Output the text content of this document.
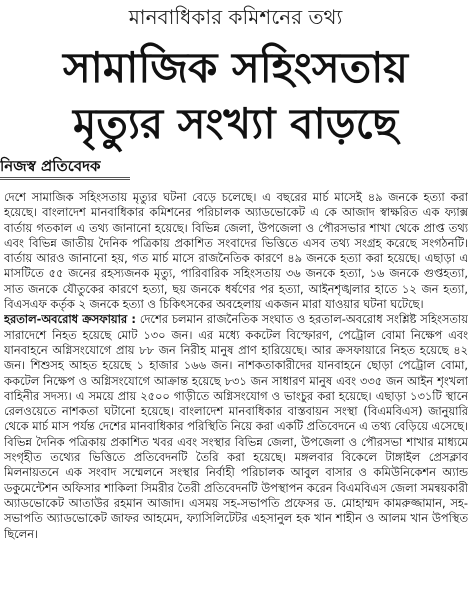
মানবাধিকার কমিশনের তথ্য
সামাজিক সহিংসতায়
মৃত্যুর সংখ্যা বাড়ছে
নিজস্ব প্রতিবেদক

দেশে সামাজিক সহিংসতায় মৃত্যুর ঘটনা বেড়ে চলেছে। এ বছরের মার্চ মাসেই ৪৯ জনকে হত্যা করা হয়েছে। বাংলাদেশ মানবাধিকার কমিশনের পরিচালক অ্যাডভোকেট এ কে আজাদ স্বাক্ষরিত এক ফ্যাক্স বার্তায় গতকাল এ তথ্য জানানো হয়েছে। বিভিন্ন জেলা, উপজেলা ও পৌরসভার শাখা থেকে প্রাপ্ত তথ্য এবং বিভিন্ন জাতীয় দৈনিক পত্রিকায় প্রকাশিত সংবাদের ভিত্তিতে এসব তথ্য সংগ্রহ করেছে সংগঠনটি। বার্তায় আরও জানানো হয়, গত মার্চ মাসে রাজনৈতিক কারণে ৪৯ জনকে হত্যা করা হয়েছে। এছাড়া এ মাসটিতে ৫৫ জনের রহস্যজনক মৃত্যু, পারিবারিক সহিংসতায় ৩৬ জনকে হত্যা, ১৬ জনকে গুপ্তহত্যা, সাত জনকে যৌতুকের কারণে হত্যা, ছয় জনকে ধর্ষণের পর হত্যা, আইনশৃঙ্খলার হাতে ১২ জন হত্যা, বিএসএফ কর্তৃক ২ জনকে হত্যা ও চিকিৎসকের অবহেলায় একজন মারা যাওয়ার ঘটনা ঘটেছে।

হরতাল-অবরোধ ক্রসফায়ার : দেশের চলমান রাজনৈতিক সংঘাত ও হরতাল-অবরোধ সংশ্লিষ্ট সহিংসতায় সারাদেশে নিহত হয়েছে মোট ১৩০ জন। এর মধ্যে ককটেল বিস্ফোরণ, পেট্রোল বোমা নিক্ষেপ এবং যানবাহনে অগ্নিসংযোগে প্রায় ৮৮ জন নিরীহ মানুষ প্রাণ হারিয়েছে। আর ক্রসফায়ারে নিহত হয়েছে ৪২ জন। শিশুসহ আহত হয়েছে ১ হাজার ১৬৬ জন। নাশকতাকারীদের যানবাহনে ছোড়া পেট্রোল বোমা, ককটেল নিক্ষেপ ও অগ্নিসংযোগে আক্রান্ত হয়েছে ৮৩১ জন সাধারণ মানুষ এবং ৩৩৫ জন আইন শৃংখলা বাহিনীর সদস্য। এ সময়ে প্রায় ২৫০০ গাড়ীতে অগ্নিসংযোগ ও ভাংচুর করা হয়েছে। এছাড়া ১৩১টি স্থানে রেলওয়েতে নাশকতা ঘটানো হয়েছে। বাংলাদেশ মানবাধিকার বাস্তবায়ন সংস্থা (বিএমবিএস) জানুয়ারি থেকে মার্চ মাস পর্যন্ত দেশের মানবাধিকার পরিস্থিতি নিয়ে করা একটি প্রতিবেদনে এ তথ্য বেড়িয়ে এসেছে। বিভিন্ন দৈনিক পত্রিকায় প্রকাশিত খবর এবং সংস্থার বিভিন্ন জেলা, উপজেলা ও পৌরসভা শাখার মাধ্যমে সংগৃহীত তথ্যের ভিত্তিতে প্রতিবেদনটি তৈরি করা হয়েছে। মঙ্গলবার বিকেলে টাঙ্গাইল প্রেসক্লাব মিলনায়তনে এক সংবাদ সম্মেলনে সংস্থার নির্বাহী পরিচালক আবুল বাসার ও কমিউনিকেশন অ্যান্ড ডকুমেন্টেশন অফিসার শাকিলা সিমরীর তৈরী প্রতিবেদনটি উপস্থাপন করেন বিএমবিএস জেলা সমন্বয়কারী অ্যাডভোকেট আতাউর রহমান আজাদ। এসময় সহ-সভাপতি প্রফেসর ড. মোহাম্মদ কামরুজ্জামান, সহ-সভাপতি অ্যাডভোকেট জাফর আহমেদ, ফ্যাসিলিটেটর এহসানুল হক খান শাহীন ও আলম খান উপস্থিত ছিলেন।
